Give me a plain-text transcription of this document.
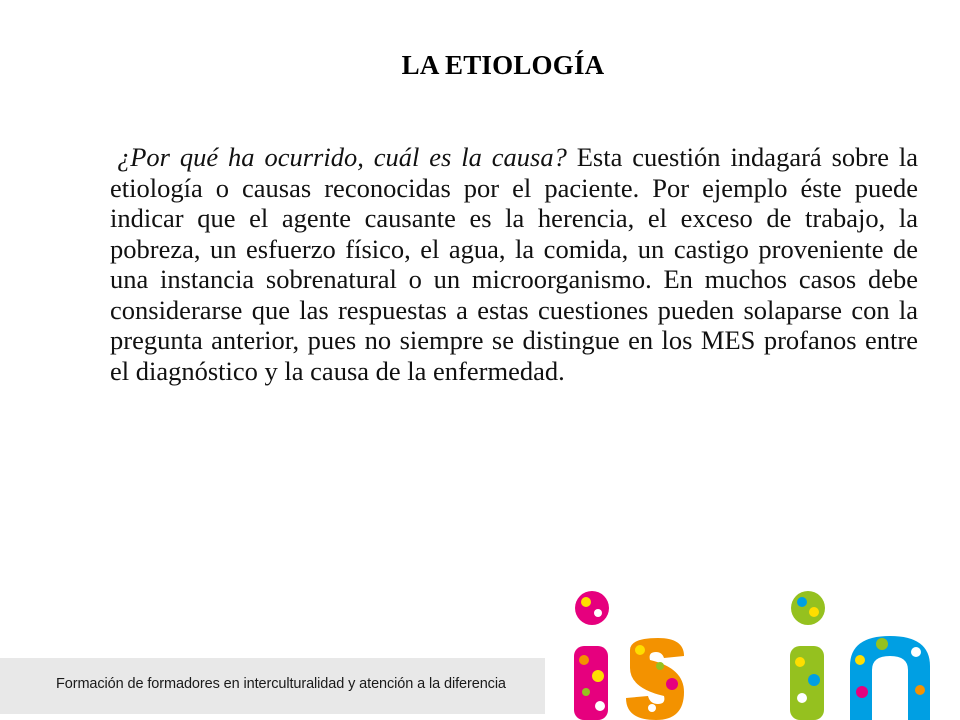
LA ETIOLOGÍA
¿Por qué ha ocurrido, cuál es la causa? Esta cuestión indagará sobre la etiología o causas reconocidas por el paciente. Por ejemplo éste puede indicar que el agente causante es la herencia, el exceso de trabajo, la pobreza, un esfuerzo físico, el agua, la comida, un castigo proveniente de una instancia sobrenatural o un microorganismo. En muchos casos debe considerarse que las respuestas a estas cuestiones pueden solaparse con la pregunta anterior, pues no siempre se distingue en los MES profanos entre el diagnóstico y la causa de la enfermedad.
Formación de formadores en interculturalidad y atención a la diferencia
